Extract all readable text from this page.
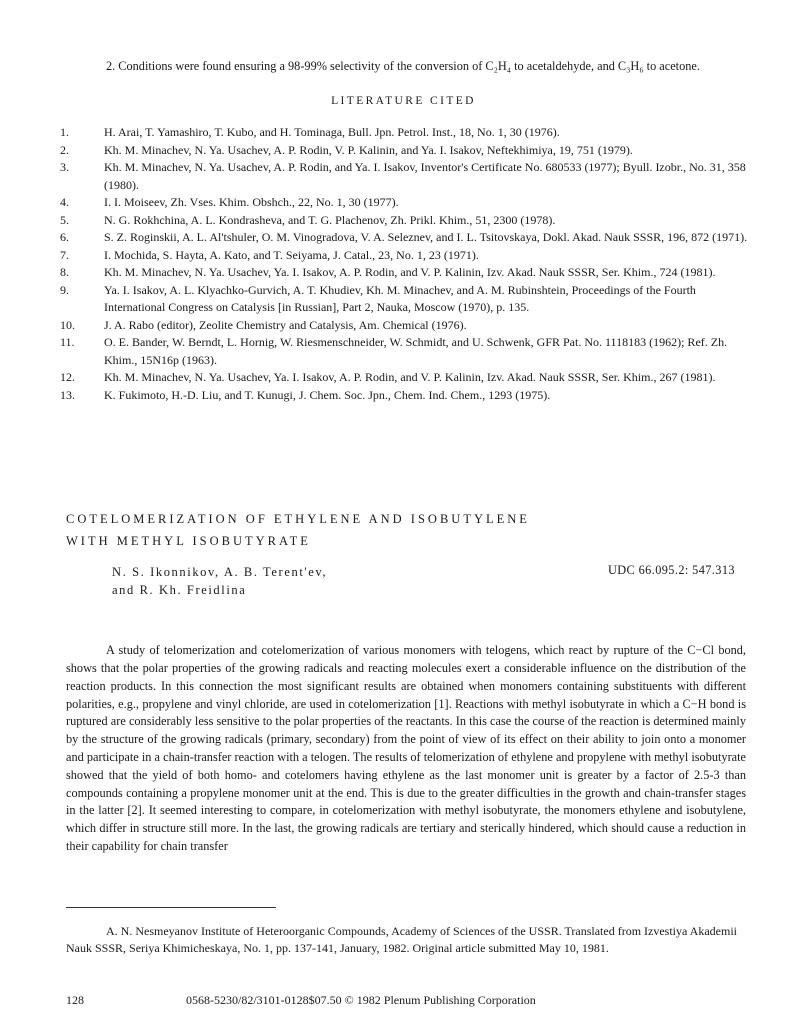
2. Conditions were found ensuring a 98-99% selectivity of the conversion of C₂H₄ to acetaldehyde, and C₃H₆ to acetone.

LITERATURE CITED
1.	H. Arai, T. Yamashiro, T. Kubo, and H. Tominaga, Bull. Jpn. Petrol. Inst., 18, No. 1, 30 (1976).
2.	Kh. M. Minachev, N. Ya. Usachev, A. P. Rodin, V. P. Kalinin, and Ya. I. Isakov, Neftekhimiya, 19, 751 (1979).
3.	Kh. M. Minachev, N. Ya. Usachev, A. P. Rodin, and Ya. I. Isakov, Inventor's Certificate No. 680533 (1977); Byull. Izobr., No. 31, 358 (1980).
4.	I. I. Moiseev, Zh. Vses. Khim. Obshch., 22, No. 1, 30 (1977).
5.	N. G. Rokhchina, A. L. Kondrasheva, and T. G. Plachenov, Zh. Prikl. Khim., 51, 2300 (1978).
6.	S. Z. Roginskii, A. L. Al'tshuler, O. M. Vinogradova, V. A. Seleznev, and I. L. Tsitovskaya, Dokl. Akad. Nauk SSSR, 196, 872 (1971).
7.	I. Mochida, S. Hayta, A. Kato, and T. Seiyama, J. Catal., 23, No. 1, 23 (1971).
8.	Kh. M. Minachev, N. Ya. Usachev, Ya. I. Isakov, A. P. Rodin, and V. P. Kalinin, Izv. Akad. Nauk SSSR, Ser. Khim., 724 (1981).
9.	Ya. I. Isakov, A. L. Klyachko-Gurvich, A. T. Khudiev, Kh. M. Minachev, and A. M. Rubinshtein, Proceedings of the Fourth International Congress on Catalysis [in Russian], Part 2, Nauka, Moscow (1970), p. 135.
10.	J. A. Rabo (editor), Zeolite Chemistry and Catalysis, Am. Chemical (1976).
11.	O. E. Bander, W. Berndt, L. Hornig, W. Riesmenschneider, W. Schmidt, and U. Schwenk, GFR Pat. No. 1118183 (1962); Ref. Zh. Khim., 15N16p (1963).
12.	Kh. M. Minachev, N. Ya. Usachev, Ya. I. Isakov, A. P. Rodin, and V. P. Kalinin, Izv. Akad. Nauk SSSR, Ser. Khim., 267 (1981).
13.	K. Fukimoto, H.-D. Liu, and T. Kunugi, J. Chem. Soc. Jpn., Chem. Ind. Chem., 1293 (1975).
COTELOMERIZATION OF ETHYLENE AND ISOBUTYLENE
WITH METHYL ISOBUTYRATE
N. S. Ikonnikov, A. B. Terent'ev,
and R. Kh. Freidlina
UDC 66.095.2: 547.313

A study of telomerization and cotelomerization of various monomers with telogens, which react by rupture of the C−Cl bond, shows that the polar properties of the growing radicals and reacting molecules exert a considerable influence on the distribution of the reaction products. In this connection the most significant results are obtained when monomers containing substituents with different polarities, e.g., propylene and vinyl chloride, are used in cotelomerization [1]. Reactions with methyl isobutyrate in which a C−H bond is ruptured are considerably less sensitive to the polar properties of the reactants. In this case the course of the reaction is determined mainly by the structure of the growing radicals (primary, secondary) from the point of view of its effect on their ability to join onto a monomer and participate in a chain-transfer reaction with a telogen. The results of telomerization of ethylene and propylene with methyl isobutyrate showed that the yield of both homo- and cotelomers having ethylene as the last monomer unit is greater by a factor of 2.5-3 than compounds containing a propylene monomer unit at the end. This is due to the greater difficulties in the growth and chain-transfer stages in the latter [2]. It seemed interesting to compare, in cotelomerization with methyl isobutyrate, the monomers ethylene and isobutylene, which differ in structure still more. In the last, the growing radicals are tertiary and sterically hindered, which should cause a reduction in their capability for chain transfer

A. N. Nesmeyanov Institute of Heteroorganic Compounds, Academy of Sciences of the USSR. Translated from Izvestiya Akademii Nauk SSSR, Seriya Khimicheskaya, No. 1, pp. 137-141, January, 1982. Original article submitted May 10, 1981.

128	0568-5230/82/3101-0128$07.50 © 1982 Plenum Publishing Corporation
